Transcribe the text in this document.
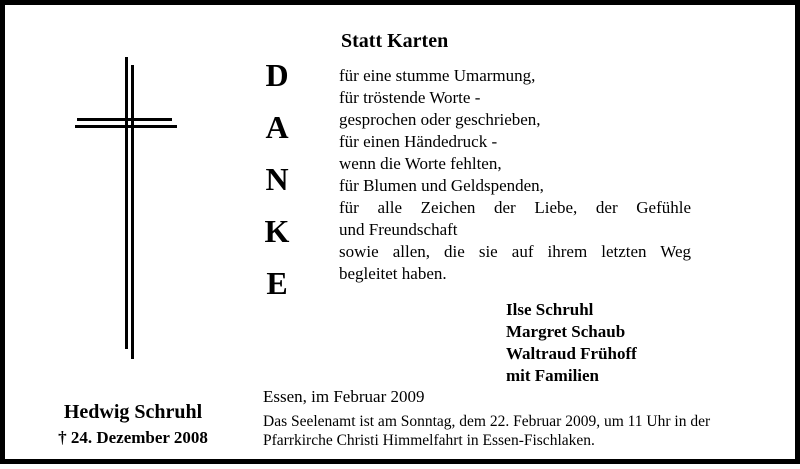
Statt Karten
D
A
N
K
E
für eine stumme Umarmung,
für tröstende Worte -
gesprochen oder geschrieben,
für einen Händedruck -
wenn die Worte fehlten,
für Blumen und Geldspenden,
für alle Zeichen der Liebe, der Gefühle
und Freundschaft
sowie allen, die sie auf ihrem letzten Weg
begleitet haben.
Ilse Schruhl
Margret Schaub
Waltraud Frühoff
mit Familien
Essen, im Februar 2009
Das Seelenamt ist am Sonntag, dem 22. Februar 2009, um 11 Uhr in der
Pfarrkirche Christi Himmelfahrt in Essen-Fischlaken.
Hedwig Schruhl
† 24. Dezember 2008
